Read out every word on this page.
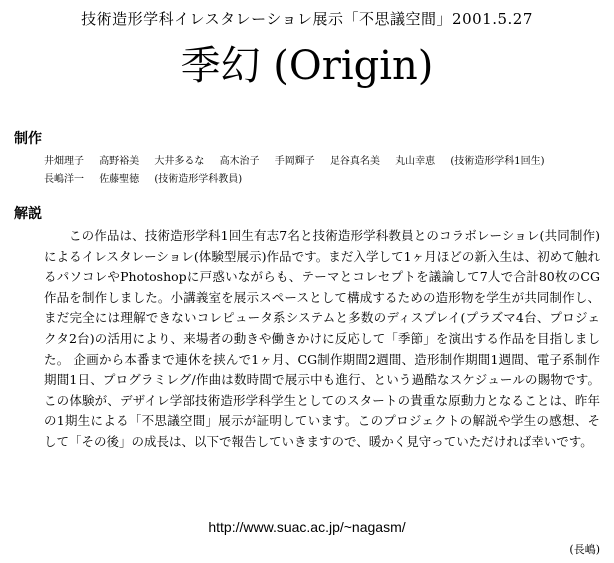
技術造形学科イレスタレーショレ展示「不思議空間」2001.5.27
季幻 (Origin)
制作
井畑理子 高野裕美 大井多るな 高木治子 手岡輝子 足谷真名美 丸山幸恵 (技術造形学科1回生)
長嶋洋一 佐藤聖徳 (技術造形学科教員)
解説
この作品は、技術造形学科1回生有志7名と技術造形学科教員とのコラボレーショレ(共同制作)によるイレスタレーショレ(体験型展示)作品です。まだ入学して1ヶ月ほどの新入生は、初めて触れるパソコレやPhotoshopに戸惑いながらも、テーマとコレセプトを議論して7人で合計80枚のCG作品を制作しました。小講義室を展示スペースとして構成するための造形物を学生が共同制作し、まだ完全には理解できないコレピュータ系システムと多数のディスプレイ(プラズマ4台、プロジェクタ2台)の活用により、来場者の動きや働きかけに反応して「季節」を演出する作品を目指しました。 企画から本番まで連休を挟んで1ヶ月、CG制作期間2週間、造形制作期間1週間、電子系制作期間1日、プログラミレグ/作曲は数時間で展示中も進行、という過酷なスケジュールの賜物です。この体験が、デザイレ学部技術造形学科学生としてのスタートの貴重な原動力となることは、昨年の1期生による「不思議空間」展示が証明しています。このプロジェクトの解説や学生の感想、そして「その後」の成長は、以下で報告していきますので、暖かく見守っていただければ幸いです。
http://www.suac.ac.jp/~nagasm/
(長嶋)
